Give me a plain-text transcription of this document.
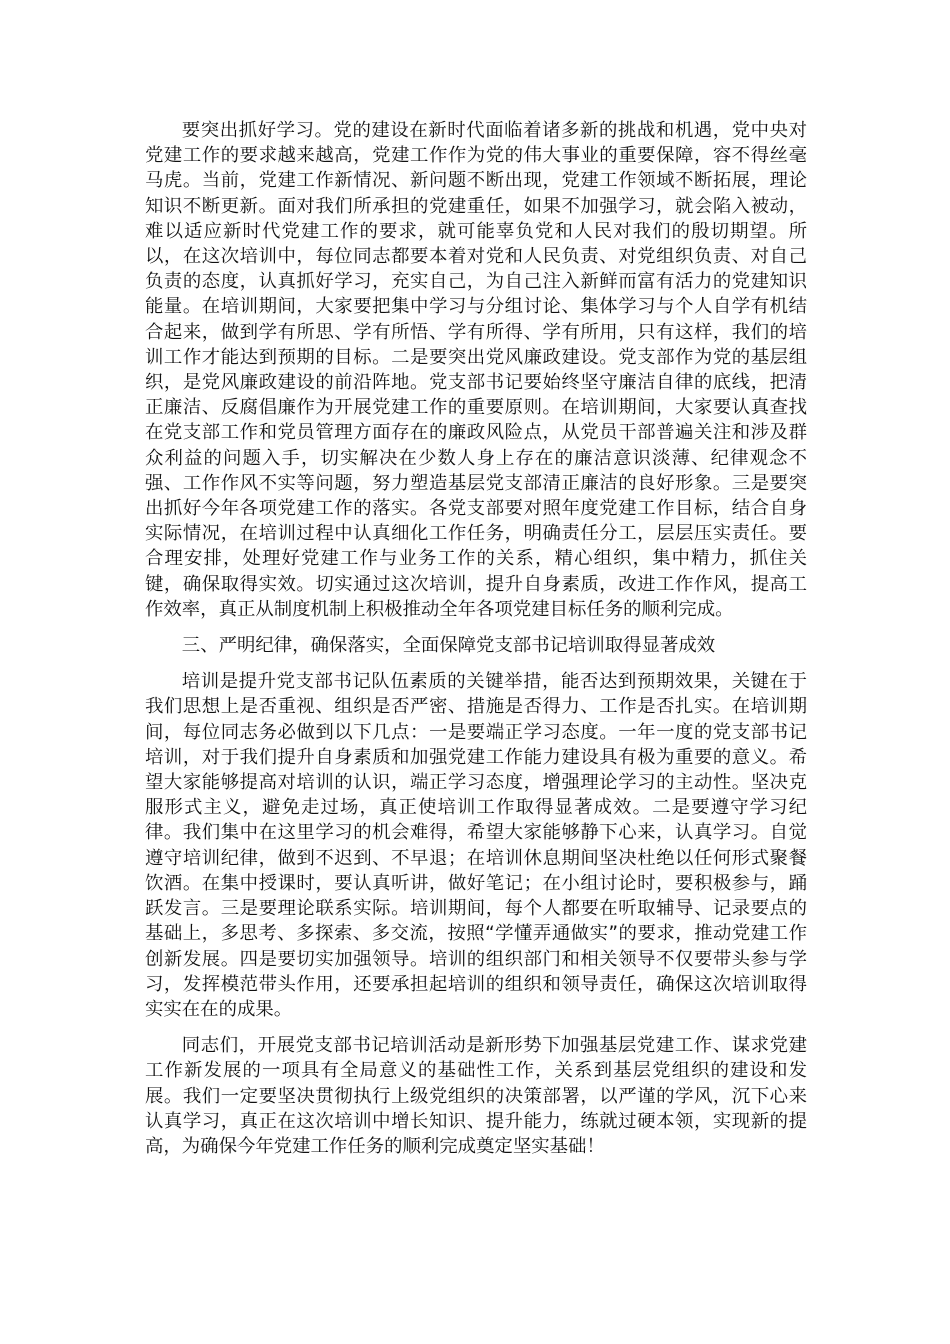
要突出抓好学习。党的建设在新时代面临着诸多新的挑战和机遇，党中央对党建工作的要求越来越高，党建工作作为党的伟大事业的重要保障，容不得丝毫马虎。当前，党建工作新情况、新问题不断出现，党建工作领域不断拓展，理论知识不断更新。面对我们所承担的党建重任，如果不加强学习，就会陷入被动，难以适应新时代党建工作的要求，就可能辜负党和人民对我们的殷切期望。所以，在这次培训中，每位同志都要本着对党和人民负责、对党组织负责、对自己负责的态度，认真抓好学习，充实自己，为自己注入新鲜而富有活力的党建知识能量。在培训期间，大家要把集中学习与分组讨论、集体学习与个人自学有机结合起来，做到学有所思、学有所悟、学有所得、学有所用，只有这样，我们的培训工作才能达到预期的目标。二是要突出党风廉政建设。党支部作为党的基层组织，是党风廉政建设的前沿阵地。党支部书记要始终坚守廉洁自律的底线，把清正廉洁、反腐倡廉作为开展党建工作的重要原则。在培训期间，大家要认真查找在党支部工作和党员管理方面存在的廉政风险点，从党员干部普遍关注和涉及群众利益的问题入手，切实解决在少数人身上存在的廉洁意识淡薄、纪律观念不强、工作作风不实等问题，努力塑造基层党支部清正廉洁的良好形象。三是要突出抓好今年各项党建工作的落实。各党支部要对照年度党建工作目标，结合自身实际情况，在培训过程中认真细化工作任务，明确责任分工，层层压实责任。要合理安排，处理好党建工作与业务工作的关系，精心组织，集中精力，抓住关键，确保取得实效。切实通过这次培训，提升自身素质，改进工作作风，提高工作效率，真正从制度机制上积极推动全年各项党建目标任务的顺利完成。

三、严明纪律，确保落实，全面保障党支部书记培训取得显著成效

培训是提升党支部书记队伍素质的关键举措，能否达到预期效果，关键在于我们思想上是否重视、组织是否严密、措施是否得力、工作是否扎实。在培训期间，每位同志务必做到以下几点：一是要端正学习态度。一年一度的党支部书记培训，对于我们提升自身素质和加强党建工作能力建设具有极为重要的意义。希望大家能够提高对培训的认识，端正学习态度，增强理论学习的主动性。坚决克服形式主义，避免走过场，真正使培训工作取得显著成效。二是要遵守学习纪律。我们集中在这里学习的机会难得，希望大家能够静下心来，认真学习。自觉遵守培训纪律，做到不迟到、不早退；在培训休息期间坚决杜绝以任何形式聚餐饮酒。在集中授课时，要认真听讲，做好笔记；在小组讨论时，要积极参与，踊跃发言。三是要理论联系实际。培训期间，每个人都要在听取辅导、记录要点的基础上，多思考、多探索、多交流，按照“学懂弄通做实”的要求，推动党建工作创新发展。四是要切实加强领导。培训的组织部门和相关领导不仅要带头参与学习，发挥模范带头作用，还要承担起培训的组织和领导责任，确保这次培训取得实实在在的成果。

同志们，开展党支部书记培训活动是新形势下加强基层党建工作、谋求党建工作新发展的一项具有全局意义的基础性工作，关系到基层党组织的建设和发展。我们一定要坚决贯彻执行上级党组织的决策部署，以严谨的学风，沉下心来认真学习，真正在这次培训中增长知识、提升能力，练就过硬本领，实现新的提高，为确保今年党建工作任务的顺利完成奠定坚实基础！
